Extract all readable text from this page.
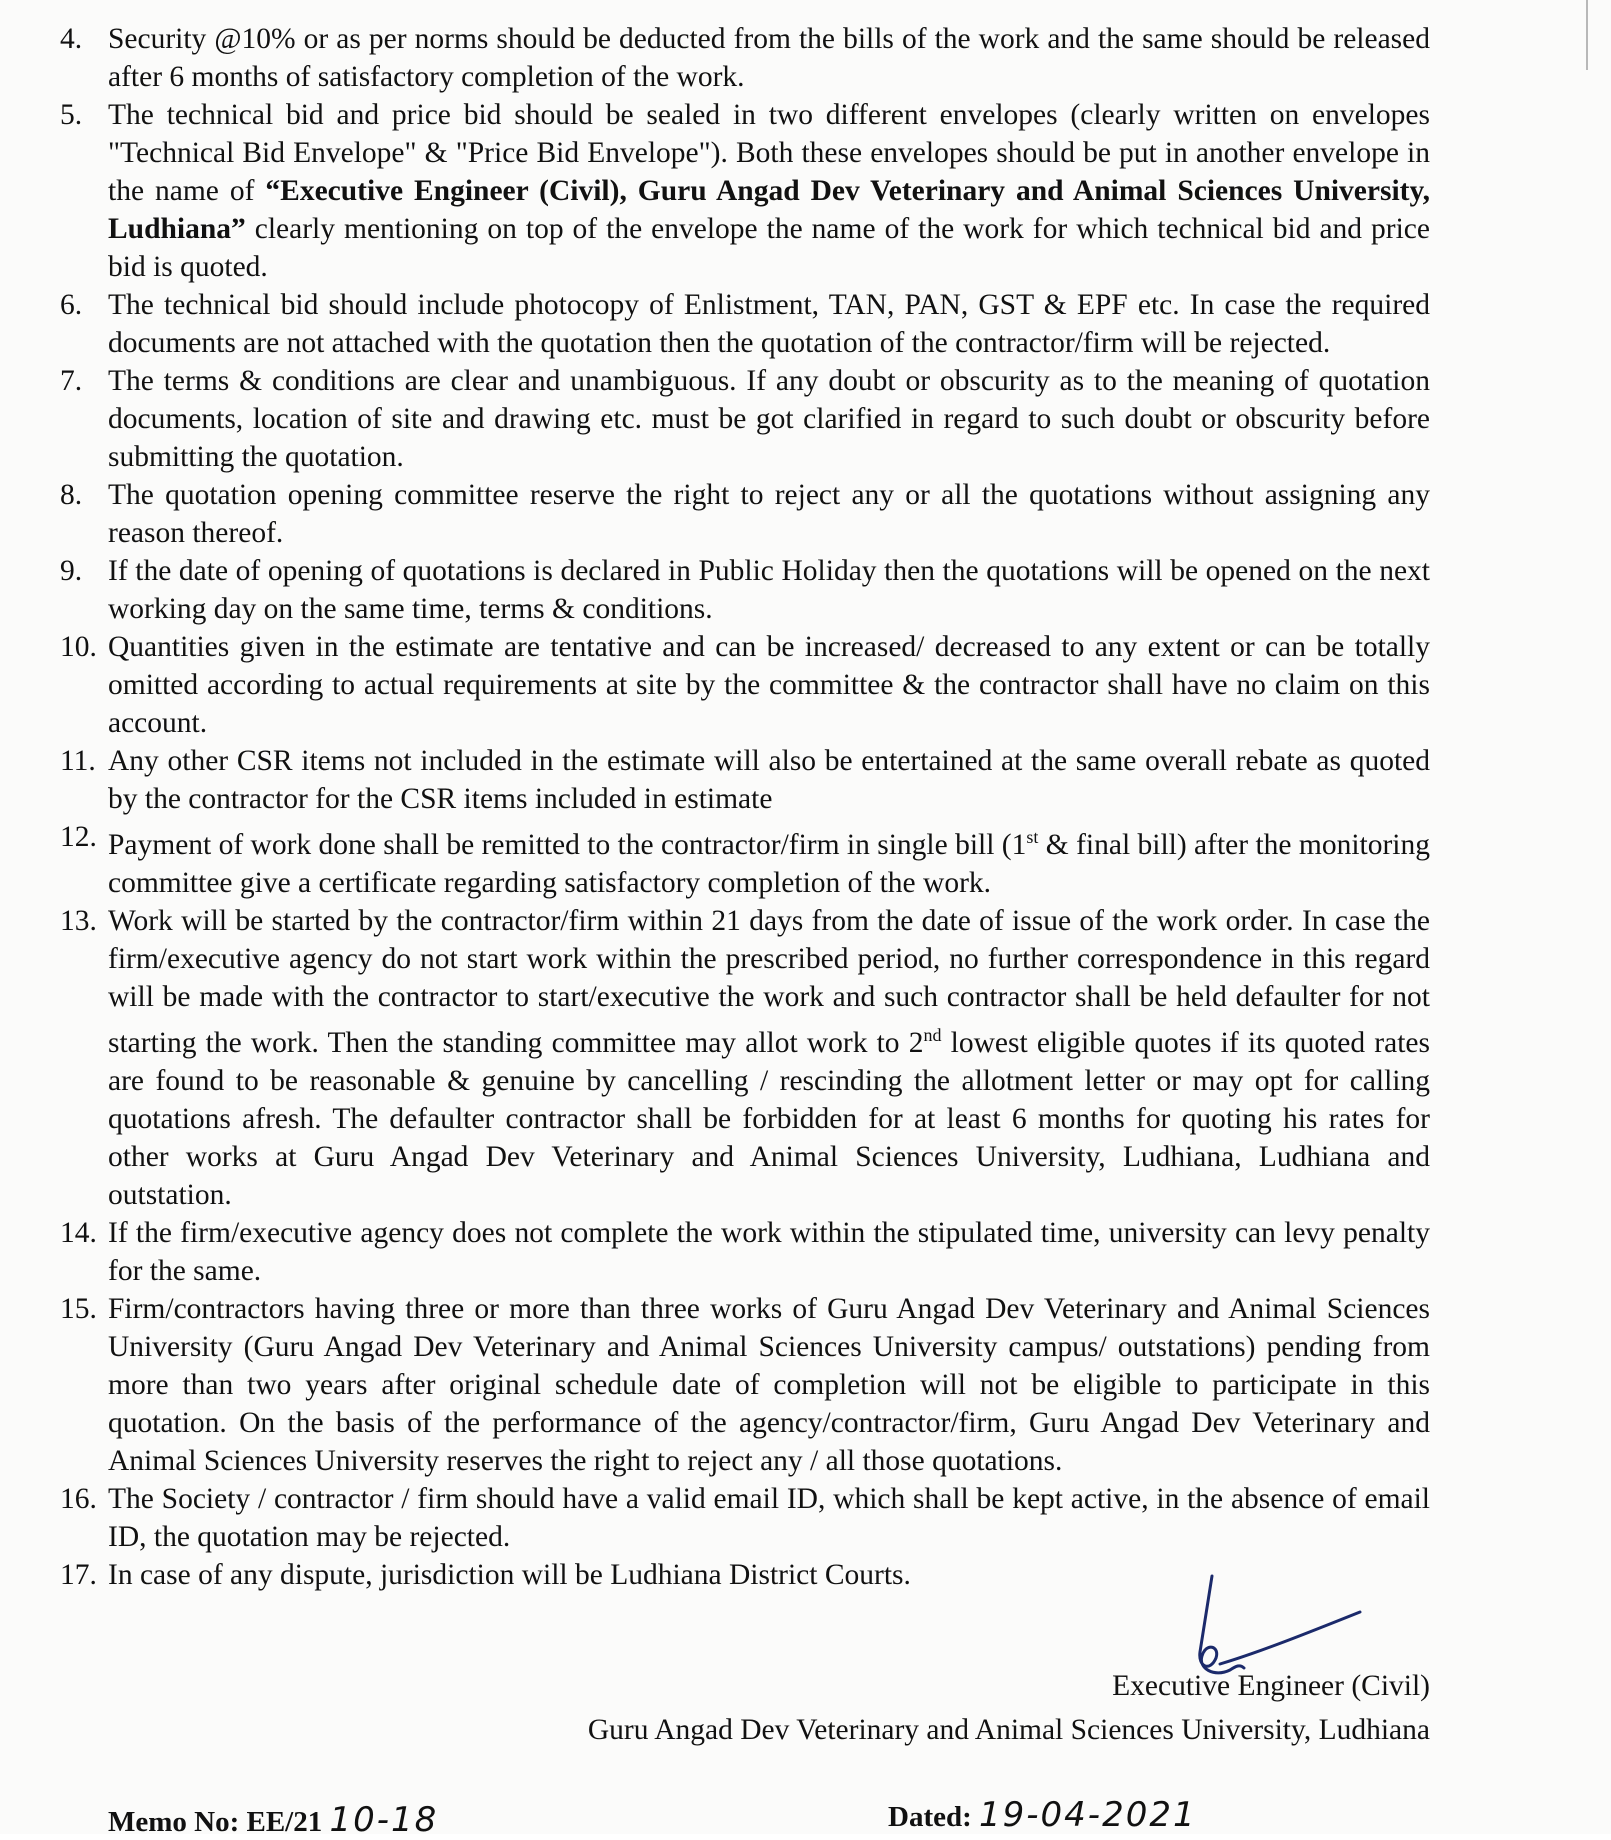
4. Security @10% or as per norms should be deducted from the bills of the work and the same should be released after 6 months of satisfactory completion of the work.
5. The technical bid and price bid should be sealed in two different envelopes (clearly written on envelopes "Technical Bid Envelope" & "Price Bid Envelope"). Both these envelopes should be put in another envelope in the name of “Executive Engineer (Civil), Guru Angad Dev Veterinary and Animal Sciences University, Ludhiana” clearly mentioning on top of the envelope the name of the work for which technical bid and price bid is quoted.
6. The technical bid should include photocopy of Enlistment, TAN, PAN, GST & EPF etc. In case the required documents are not attached with the quotation then the quotation of the contractor/firm will be rejected.
7. The terms & conditions are clear and unambiguous. If any doubt or obscurity as to the meaning of quotation documents, location of site and drawing etc. must be got clarified in regard to such doubt or obscurity before submitting the quotation.
8. The quotation opening committee reserve the right to reject any or all the quotations without assigning any reason thereof.
9. If the date of opening of quotations is declared in Public Holiday then the quotations will be opened on the next working day on the same time, terms & conditions.
10. Quantities given in the estimate are tentative and can be increased/ decreased to any extent or can be totally omitted according to actual requirements at site by the committee & the contractor shall have no claim on this account.
11. Any other CSR items not included in the estimate will also be entertained at the same overall rebate as quoted by the contractor for the CSR items included in estimate
12. Payment of work done shall be remitted to the contractor/firm in single bill (1st & final bill) after the monitoring committee give a certificate regarding satisfactory completion of the work.
13. Work will be started by the contractor/firm within 21 days from the date of issue of the work order. In case the firm/executive agency do not start work within the prescribed period, no further correspondence in this regard will be made with the contractor to start/executive the work and such contractor shall be held defaulter for not starting the work. Then the standing committee may allot work to 2nd lowest eligible quotes if its quoted rates are found to be reasonable & genuine by cancelling / rescinding the allotment letter or may opt for calling quotations afresh. The defaulter contractor shall be forbidden for at least 6 months for quoting his rates for other works at Guru Angad Dev Veterinary and Animal Sciences University, Ludhiana, Ludhiana and outstation.
14. If the firm/executive agency does not complete the work within the stipulated time, university can levy penalty for the same.
15. Firm/contractors having three or more than three works of Guru Angad Dev Veterinary and Animal Sciences University (Guru Angad Dev Veterinary and Animal Sciences University campus/ outstations) pending from more than two years after original schedule date of completion will not be eligible to participate in this quotation. On the basis of the performance of the agency/contractor/firm, Guru Angad Dev Veterinary and Animal Sciences University reserves the right to reject any / all those quotations.
16. The Society / contractor / firm should have a valid email ID, which shall be kept active, in the absence of email ID, the quotation may be rejected.
17. In case of any dispute, jurisdiction will be Ludhiana District Courts.
Executive Engineer (Civil)
Guru Angad Dev Veterinary and Animal Sciences University, Ludhiana
Memo No: EE/21 10-18	Dated: 19-04-2021
